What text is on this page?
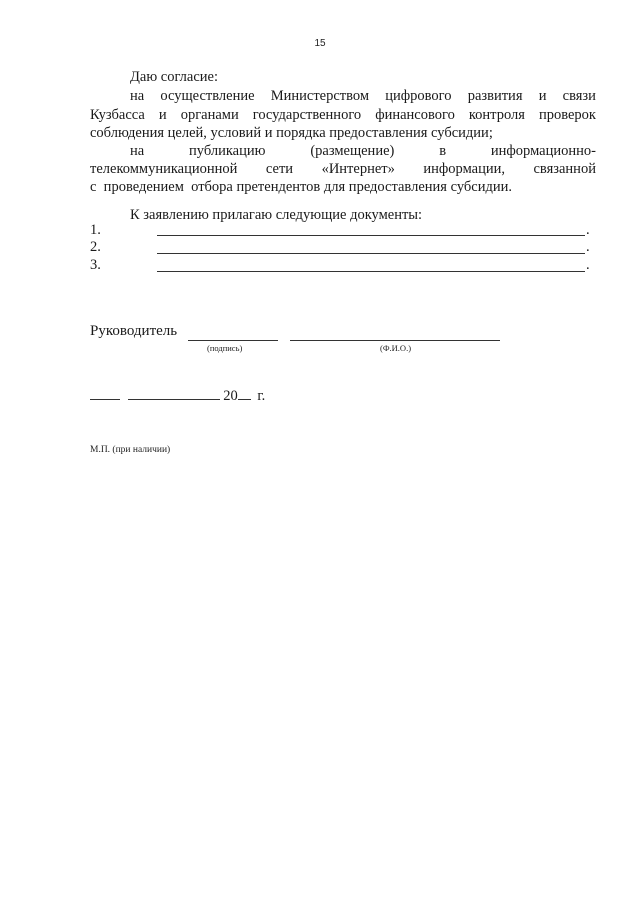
15
Даю согласие:
на осуществление Министерством цифрового развития и связи
Кузбасса и органами государственного финансового контроля проверок
соблюдения целей, условий и порядка предоставления субсидии;
на	публикацию	(размещение)	в	информационно-
телекоммуникационной сети «Интернет» информации, связанной
с  проведением  отбора претендентов для предоставления субсидии.
К заявлению прилагаю следующие документы:
1.	.
2.	.
3.	.
Руководитель
(подпись)	(Ф.И.О.)
20 г.
М.П. (при наличии)
